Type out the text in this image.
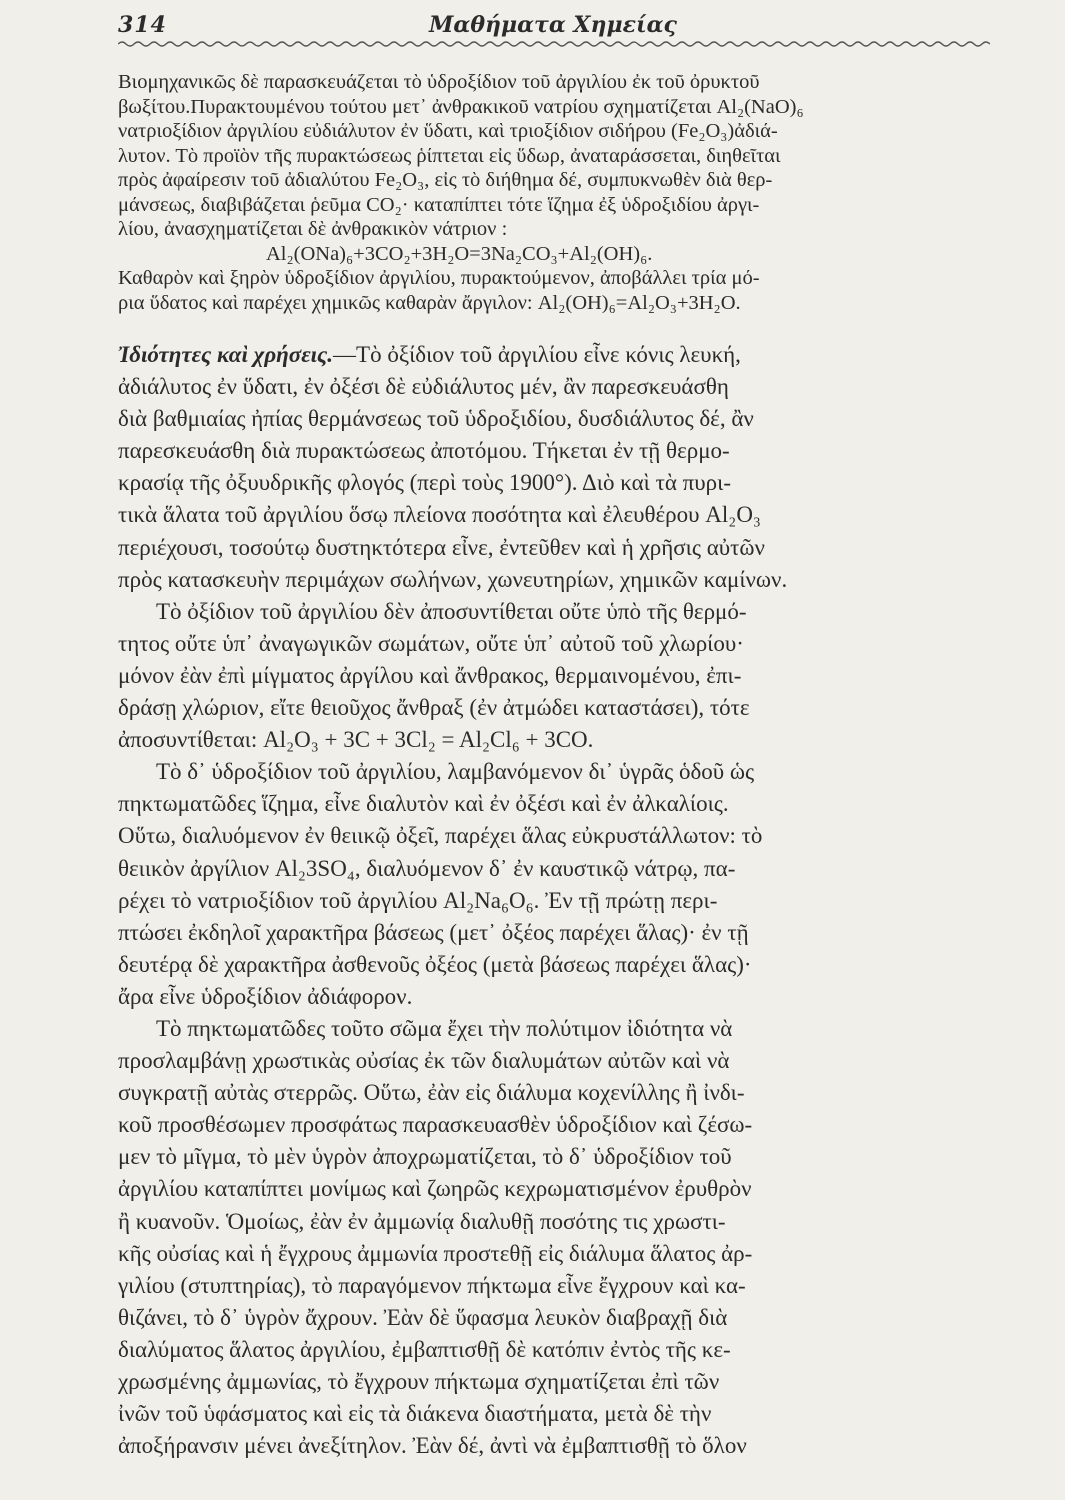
314	Μαθήματα Χημείας
Βιομηχανικῶς δὲ παρασκευάζεται τὸ ὑδροξίδιον τοῦ ἀργιλίου ἐκ τοῦ ὀρυκτοῦ
βωξίτου.Πυρακτουμένου τούτου μετ᾿ ἀνθρακικοῦ νατρίου σχηματίζεται Al₂(NaO)₆
νατριοξίδιον ἀργιλίου εὐδιάλυτον ἐν ὕδατι, καὶ τριοξίδιον σιδήρου (Fe₂O₃)ἀδιά-
λυτον. Τὸ προϊὸν τῆς πυρακτώσεως ῥίπτεται εἰς ὕδωρ, ἀναταράσσεται, διηθεῖται
πρὸς ἀφαίρεσιν τοῦ ἀδιαλύτου Fe₂O₃, εἰς τὸ διήθημα δέ, συμπυκνωθὲν διὰ θερ-
μάνσεως, διαβιβάζεται ῥεῦμα CO₂· καταπίπτει τότε ἵζημα ἐξ ὑδροξιδίου ἀργι-
λίου, ἀνασχηματίζεται δὲ ἀνθρακικὸν νάτριον :
Al₂(ONa)₆+3CO₂+3H₂O=3Na₂CO₃+Al₂(OH)₆.
Καθαρὸν καὶ ξηρὸν ὑδροξίδιον ἀργιλίου, πυρακτούμενον, ἀποβάλλει τρία μό-
ρια ὕδατος καὶ παρέχει χημικῶς καθαρὰν ἄργιλον: Al₂(OH)₆=Al₂O₃+3H₂O.
Ἰδιότητες καὶ χρήσεις.—Τὸ ὀξίδιον τοῦ ἀργιλίου εἶνε κόνις λευκή,
ἀδιάλυτος ἐν ὕδατι, ἐν ὀξέσι δὲ εὐδιάλυτος μέν, ἂν παρεσκευάσθη
διὰ βαθμιαίας ἠπίας θερμάνσεως τοῦ ὑδροξιδίου, δυσδιάλυτος δέ, ἂν
παρεσκευάσθη διὰ πυρακτώσεως ἀποτόμου. Τήκεται ἐν τῇ θερμο-
κρασίᾳ τῆς ὀξυυδρικῆς φλογός (περὶ τοὺς 1900°). Διὸ καὶ τὰ πυρι-
τικὰ ἅλατα τοῦ ἀργιλίου ὅσῳ πλείονα ποσότητα καὶ ἐλευθέρου Al₂O₃
περιέχουσι, τοσούτῳ δυστηκτότερα εἶνε, ἐντεῦθεν καὶ ἡ χρῆσις αὐτῶν
πρὸς κατασκευὴν περιμάχων σωλήνων, χωνευτηρίων, χημικῶν καμίνων.
Τὸ ὀξίδιον τοῦ ἀργιλίου δὲν ἀποσυντίθεται οὔτε ὑπὸ τῆς θερμό-
τητος οὔτε ὑπ᾿ ἀναγωγικῶν σωμάτων, οὔτε ὑπ᾿ αὐτοῦ τοῦ χλωρίου·
μόνον ἐὰν ἐπὶ μίγματος ἀργίλου καὶ ἄνθρακος, θερμαινομένου, ἐπι-
δράσῃ χλώριον, εἴτε θειοῦχος ἄνθραξ (ἐν ἀτμώδει καταστάσει), τότε
ἀποσυντίθεται: Al₂O₃ + 3C + 3Cl₂ = Al₂Cl₆ + 3CO.
Τὸ δ᾿ ὑδροξίδιον τοῦ ἀργιλίου, λαμβανόμενον δι᾿ ὑγρᾶς ὁδοῦ ὡς
πηκτωματῶδες ἵζημα, εἶνε διαλυτὸν καὶ ἐν ὀξέσι καὶ ἐν ἀλκαλίοις.
Οὕτω, διαλυόμενον ἐν θειικῷ ὀξεῖ, παρέχει ἅλας εὐκρυστάλλωτον: τὸ
θειικὸν ἀργίλιον Al₂3SO₄, διαλυόμενον δ᾿ ἐν καυστικῷ νάτρῳ, πα-
ρέχει τὸ νατριοξίδιον τοῦ ἀργιλίου Al₂Na₆O₆. Ἐν τῇ πρώτῃ περι-
πτώσει ἐκδηλοῖ χαρακτῆρα βάσεως (μετ᾿ ὀξέος παρέχει ἅλας)· ἐν τῇ
δευτέρᾳ δὲ χαρακτῆρα ἀσθενοῦς ὀξέος (μετὰ βάσεως παρέχει ἅλας)·
ἄρα εἶνε ὑδροξίδιον ἀδιάφορον.
Τὸ πηκτωματῶδες τοῦτο σῶμα ἔχει τὴν πολύτιμον ἰδιότητα νὰ
προσλαμβάνῃ χρωστικὰς οὐσίας ἐκ τῶν διαλυμάτων αὐτῶν καὶ νὰ
συγκρατῇ αὐτὰς στερρῶς. Οὕτω, ἐὰν εἰς διάλυμα κοχενίλλης ἢ ἰνδι-
κοῦ προσθέσωμεν προσφάτως παρασκευασθὲν ὑδροξίδιον καὶ ζέσω-
μεν τὸ μῖγμα, τὸ μὲν ὑγρὸν ἀποχρωματίζεται, τὸ δ᾿ ὑδροξίδιον τοῦ
ἀργιλίου καταπίπτει μονίμως καὶ ζωηρῶς κεχρωματισμένον ἐρυθρὸν
ἢ κυανοῦν. Ὁμοίως, ἐὰν ἐν ἀμμωνίᾳ διαλυθῇ ποσότης τις χρωστι-
κῆς οὐσίας καὶ ἡ ἔγχρους ἀμμωνία προστεθῇ εἰς διάλυμα ἅλατος ἀρ-
γιλίου (στυπτηρίας), τὸ παραγόμενον πήκτωμα εἶνε ἔγχρουν καὶ κα-
θιζάνει, τὸ δ᾿ ὑγρὸν ἄχρουν. Ἐὰν δὲ ὕφασμα λευκὸν διαβραχῇ διὰ
διαλύματος ἅλατος ἀργιλίου, ἐμβαπτισθῇ δὲ κατόπιν ἐντὸς τῆς κε-
χρωσμένης ἀμμωνίας, τὸ ἔγχρουν πήκτωμα σχηματίζεται ἐπὶ τῶν
ἰνῶν τοῦ ὑφάσματος καὶ εἰς τὰ διάκενα διαστήματα, μετὰ δὲ τὴν
ἀποξήρανσιν μένει ἀνεξίτηλον. Ἐὰν δέ, ἀντὶ νὰ ἐμβαπτισθῇ τὸ ὅλον
